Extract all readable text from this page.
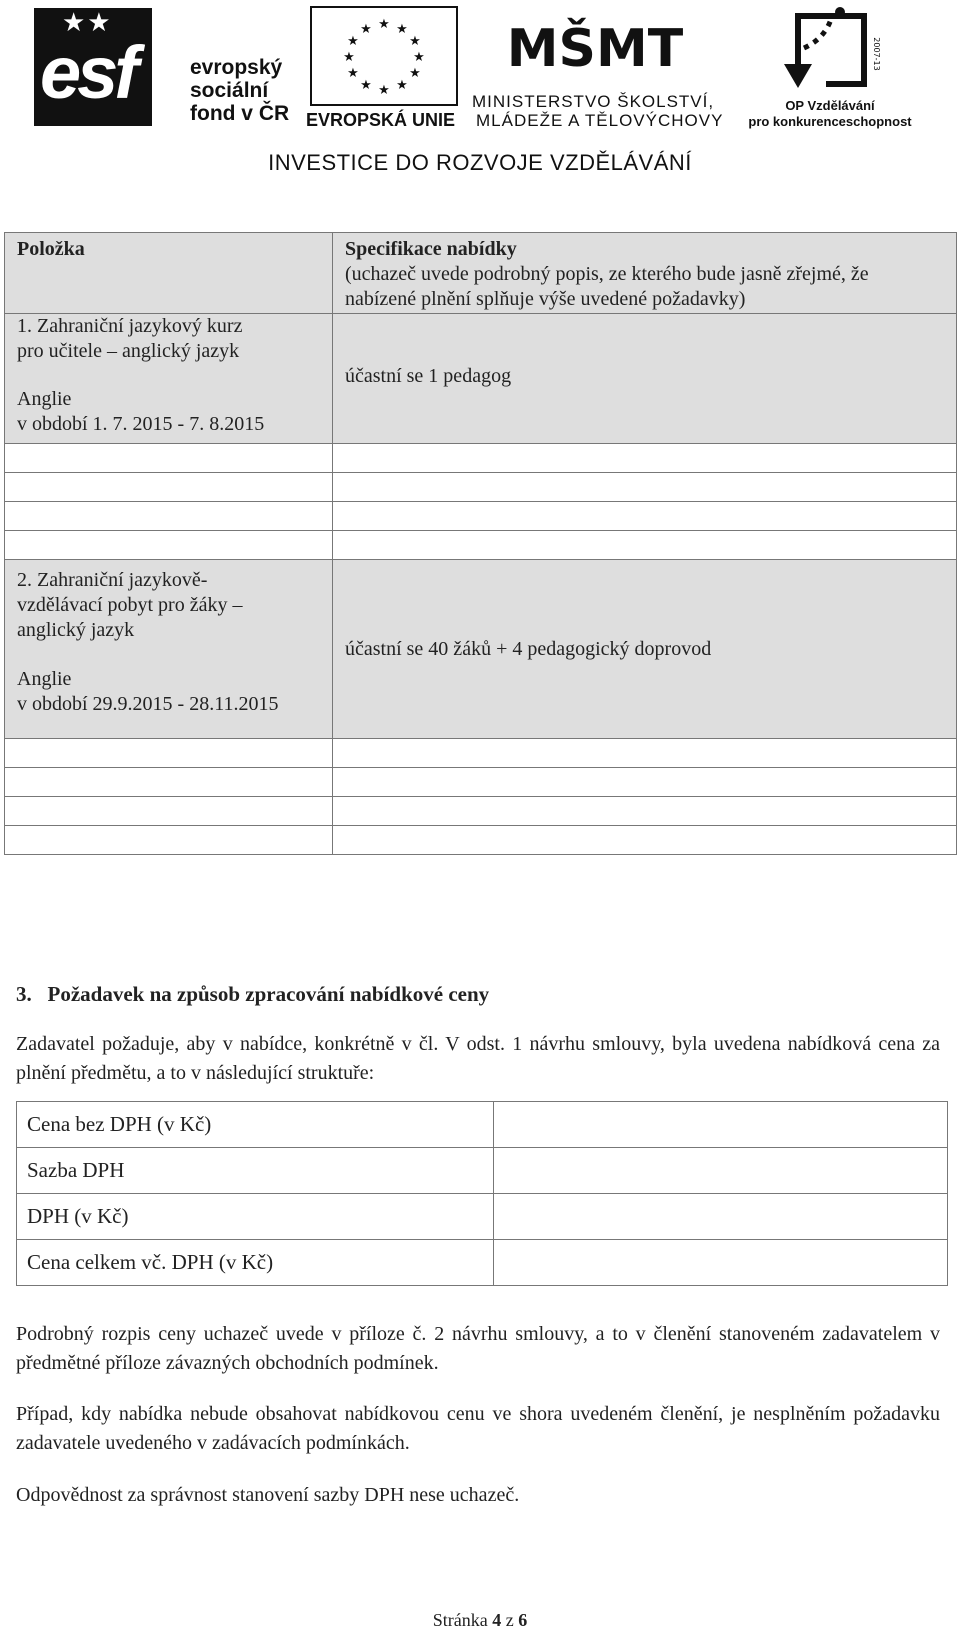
★★
esf	evropský
sociální
fond v ČR
★ ★
★
★
★
★
★
★
★
★
★
★
EVROPSKÁ UNIE
MŠMT
MINISTERSTVO ŠKOLSTVÍ,
MLÁDEŽE A TĚLOVÝCHOVY
2007-13
OP Vzdělávání
pro konkurenceschopnost
INVESTICE DO ROZVOJE VZDĚLÁVÁNÍ
Položka	Specifikace nabídky
(uchazeč uvede podrobný popis, ze kterého bude jasně zřejmé, že nabízené plnění splňuje výše uvedené požadavky)

1. Zahraniční jazykový kurz
pro učitele – anglický jazyk
Anglie
v období 1. 7. 2015 - 7. 8.2015	účastní se 1 pedagog

2. Zahraniční jazykově-
vzdělávací pobyt pro žáky –
anglický jazyk
Anglie
v období 29.9.2015 - 28.11.2015	účastní se 40 žáků + 4 pedagogický doprovod

3.   Požadavek na způsob zpracování nabídkové ceny
Zadavatel požaduje, aby v nabídce, konkrétně v čl. V odst. 1 návrhu smlouvy, byla uvedena nabídková cena za plnění předmětu, a to v následující struktuře:
Cena bez DPH (v Kč)	
Sazba DPH	
DPH (v Kč)	
Cena celkem vč. DPH (v Kč)	
Podrobný rozpis ceny uchazeč uvede v příloze č. 2 návrhu smlouvy, a to v členění stanoveném zadavatelem v předmětné příloze závazných obchodních podmínek.
Případ, kdy nabídka nebude obsahovat nabídkovou cenu ve shora uvedeném členění, je nesplněním požadavku zadavatele uvedeného v zadávacích podmínkách.
Odpovědnost za správnost stanovení sazby DPH nese uchazeč.
Stránka 4 z 6
